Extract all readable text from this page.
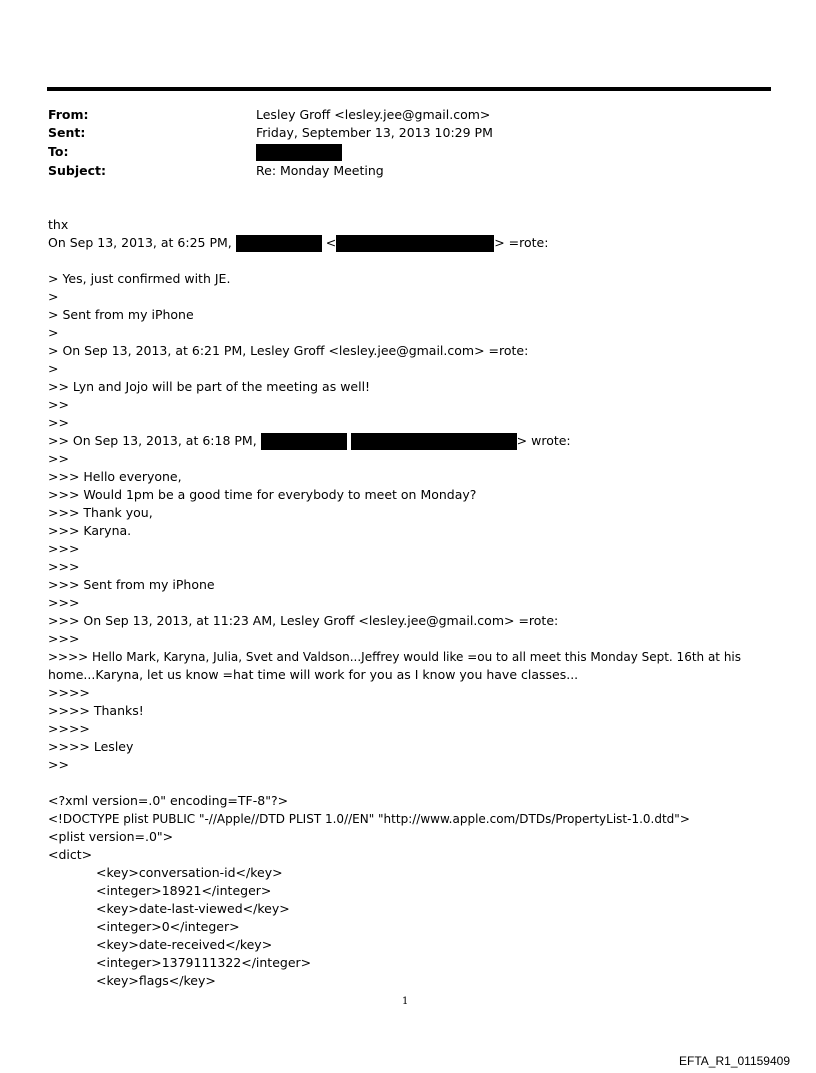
From:	Lesley Groff <lesley.jee@gmail.com>
Sent:	Friday, September 13, 2013 10:29 PM
To:
Subject:	Re: Monday Meeting
thx
On Sep 13, 2013, at 6:25 PM,	<	> =rote:
> Yes, just confirmed with JE.
>
> Sent from my iPhone
>
> On Sep 13, 2013, at 6:21 PM, Lesley Groff <lesley.jee@gmail.com> =rote:
>
>> Lyn and Jojo will be part of the meeting as well!
>>
>>
>> On Sep 13, 2013, at 6:18 PM,	> wrote:
>>
>>> Hello everyone,
>>> Would 1pm be a good time for everybody to meet on Monday?
>>> Thank you,
>>> Karyna.
>>>
>>>
>>> Sent from my iPhone
>>>
>>> On Sep 13, 2013, at 11:23 AM, Lesley Groff <lesley.jee@gmail.com> =rote:
>>>
>>>> Hello Mark, Karyna, Julia, Svet and Valdson...Jeffrey would like =ou to all meet this Monday Sept. 16th at his
home...Karyna, let us know =hat time will work for you as I know you have classes...
>>>>
>>>> Thanks!
>>>>
>>>> Lesley
>>
<?xml version=.0" encoding=TF-8"?>
<!DOCTYPE plist PUBLIC "-//Apple//DTD PLIST 1.0//EN" "http://www.apple.com/DTDs/PropertyList-1.0.dtd">
<plist version=.0">
<dict>
<key>conversation-id</key>
<integer>18921</integer>
<key>date-last-viewed</key>
<integer>0</integer>
<key>date-received</key>
<integer>1379111322</integer>
<key>flags</key>
1
EFTA_R1_01159409
